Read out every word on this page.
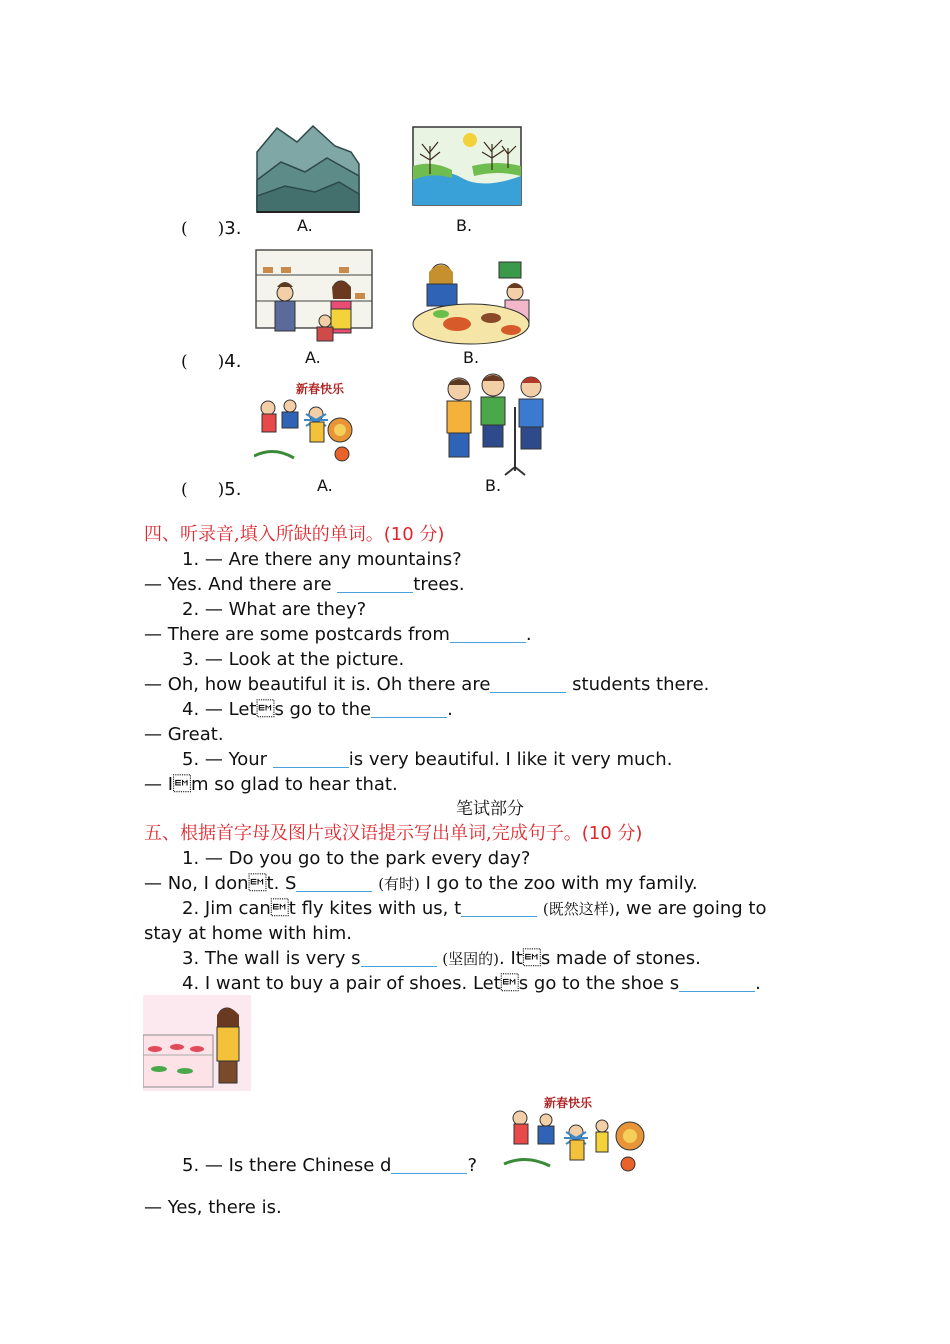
A.	B.
( )3.
A.	B.
( )4.
新春快乐
A.	B.
( )5.
四、听录音,填入所缺的单词。(10 分)
1. — Are there any mountains?
— Yes. And there are	trees.
2. — What are they?
— There are some postcards from	.
3. — Look at the picture.
— Oh, how beautiful it is. Oh there are	students there.
4. — Lets go to the	.
— Great.
5. — Your	is very beautiful. I like it very much.
— Im so glad to hear that.
笔试部分
五、根据首字母及图片或汉语提示写出单词,完成句子。(10 分)
1. — Do you go to the park every day?
— No, I dont. S	(有时) I go to the zoo with my family.
2. Jim cant fly kites with us, t	(既然这样), we are going to
stay at home with him.
3. The wall is very s	(坚固的). Its made of stones.
4. I want to buy a pair of shoes. Lets go to the shoe s	.
5. — Is there Chinese d	?
新春快乐
— Yes, there is.
